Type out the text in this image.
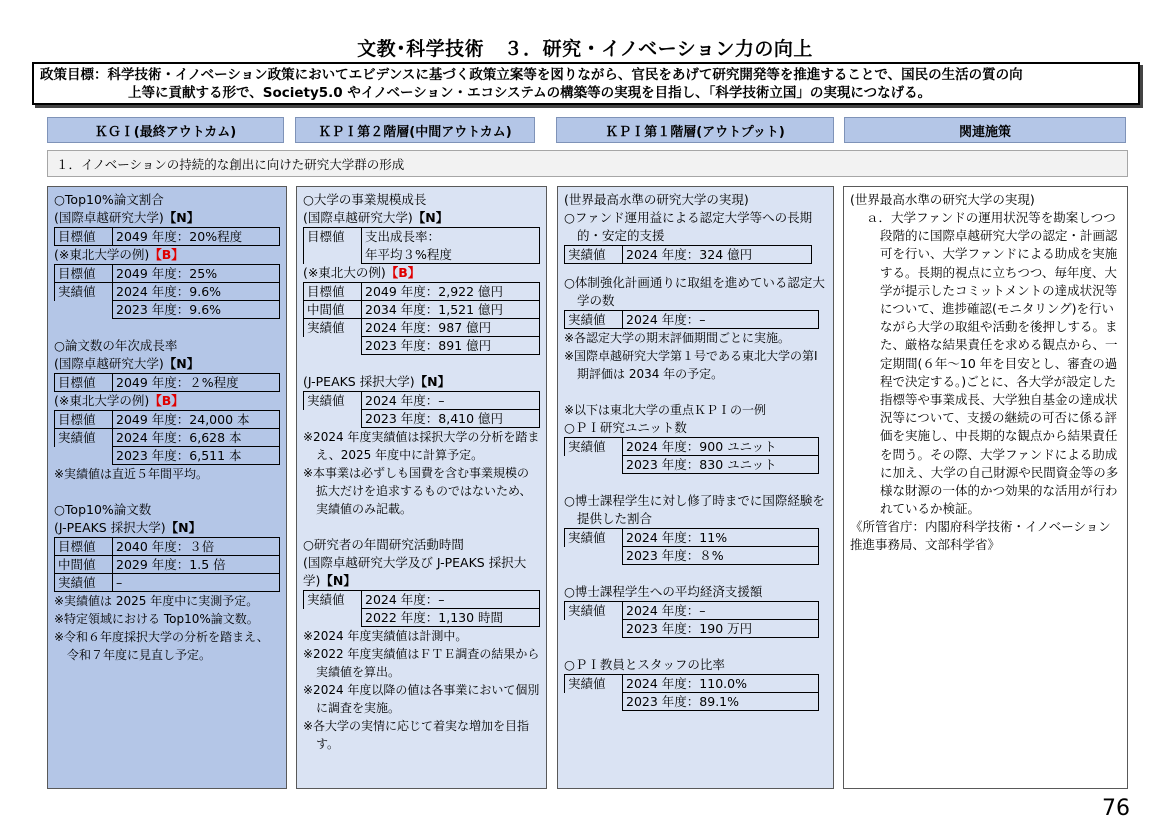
文教･科学技術　３．研究・イノベーション力の向上
政策目標：科学技術・イノベーション政策においてエビデンスに基づく政策立案等を図りながら、官民をあげて研究開発等を推進することで、国民の生活の質の向
上等に貢献する形で、Society5.0 やイノベーション・エコシステムの構築等の実現を目指し、「科学技術立国」の実現につなげる。
ＫＧＩ(最終アウトカム)	ＫＰＩ第２階層(中間アウトカム)	ＫＰＩ第１階層(アウトプット)	関連施策
１．イノベーションの持続的な創出に向けた研究大学群の形成
○Top10%論文割合
(国際卓越研究大学)【N】
目標値	2049 年度：20%程度
(※東北大学の例)【B】
目標値	2049 年度：25%
実績値	2024 年度：9.6%
	2023 年度：9.6%
○論文数の年次成長率
(国際卓越研究大学)【N】
目標値	2049 年度：２%程度
(※東北大学の例)【B】
目標値	2049 年度：24,000 本
実績値	2024 年度：6,628 本
	2023 年度：6,511 本
※実績値は直近５年間平均。
○Top10%論文数
(J-PEAKS 採択大学)【N】
目標値	2040 年度：３倍
中間値	2029 年度：1.5 倍
実績値	–
※実績値は 2025 年度中に実測予定。
※特定領域における Top10%論文数。
※令和６年度採択大学の分析を踏まえ、令和７年度に見直し予定。
○大学の事業規模成長
(国際卓越研究大学)【N】
目標値	支出成長率：
	年平均３%程度
(※東北大の例)【B】
目標値	2049 年度：2,922 億円
中間値	2034 年度：1,521 億円
実績値	2024 年度：987 億円
	2023 年度：891 億円
(J-PEAKS 採択大学)【N】
実績値	2024 年度：–
	2023 年度：8,410 億円
※2024 年度実績値は採択大学の分析を踏まえ、2025 年度中に計算予定。
※本事業は必ずしも国費を含む事業規模の拡大だけを追求するものではないため、実績値のみ記載。
○研究者の年間研究活動時間
(国際卓越研究大学及び J-PEAKS 採択大学)【N】
実績値	2024 年度：–
	2022 年度：1,130 時間
※2024 年度実績値は計測中。
※2022 年度実績値はＦＴＥ調査の結果から実績値を算出。
※2024 年度以降の値は各事業において個別に調査を実施。
※各大学の実情に応じて着実な増加を目指す。
(世界最高水準の研究大学の実現)
○ファンド運用益による認定大学等への長期的・安定的支援
実績値	2024 年度：324 億円
○体制強化計画通りに取組を進めている認定大学の数
実績値	2024 年度：–
※各認定大学の期末評価期間ごとに実施。
※国際卓越研究大学第１号である東北大学の第Ⅰ期評価は 2034 年の予定。
※以下は東北大学の重点ＫＰＩの一例
○ＰＩ研究ユニット数
実績値	2024 年度：900 ユニット
	2023 年度：830 ユニット
○博士課程学生に対し修了時までに国際経験を提供した割合
実績値	2024 年度：11%
	2023 年度：８%
○博士課程学生への平均経済支援額
実績値	2024 年度：–
	2023 年度：190 万円
○ＰＩ教員とスタッフの比率
実績値	2024 年度：110.0%
	2023 年度：89.1%
(世界最高水準の研究大学の実現)
ａ．大学ファンドの運用状況等を勘案しつつ段階的に国際卓越研究大学の認定・計画認可を行い、大学ファンドによる助成を実施する。長期的視点に立ちつつ、毎年度、大学が提示したコミットメントの達成状況等について、進捗確認(モニタリング)を行いながら大学の取組や活動を後押しする。また、厳格な結果責任を求める観点から、一定期間(６年～10 年を目安とし、審査の過程で決定する。)ごとに、各大学が設定した指標等や事業成長、大学独自基金の達成状況等について、支援の継続の可否に係る評価を実施し、中長期的な観点から結果責任を問う。その際、大学ファンドによる助成に加え、大学の自己財源や民間資金等の多様な財源の一体的かつ効果的な活用が行われているか検証。
《所管省庁：内閣府科学技術・イノベーション推進事務局、文部科学省》
76
